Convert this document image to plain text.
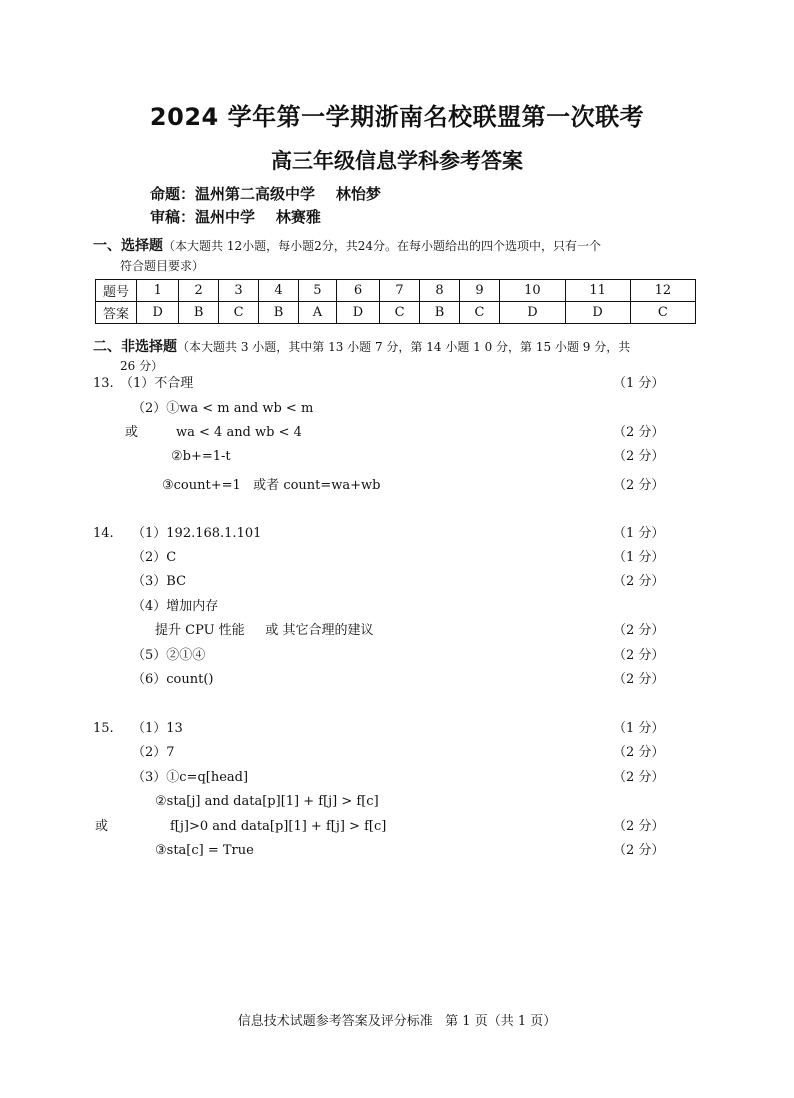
2024 学年第一学期浙南名校联盟第一次联考
高三年级信息学科参考答案
命题：温州第二高级中学    林怡梦
审稿：温州中学    林赛雅
一、选择题（本大题共 12小题，每小题2分，共24分。在每小题给出的四个选项中，只有一个
符合题目要求）
题号	1	2	3	4	5	6	7	8	9	10	11	12
答案	D	B	C	B	A	D	C	B	C	D	D	C
二、非选择题（本大题共 3 小题，其中第 13 小题 7 分，第 14 小题 1 0 分，第 15 小题 9 分，共
26 分）
13. （1）不合理	（1 分）
（2）①wa < m and wb < m
或	wa < 4 and wb < 4	（2 分）
②b+=1-t	（2 分）
③count+=1   或者 count=wa+wb	（2 分）
14. （1）192.168.1.101	（1 分）
（2）C	（1 分）
（3）BC	（2 分）
（4）增加内存
提升 CPU 性能     或 其它合理的建议	（2 分）
（5）②①④	（2 分）
（6）count()	（2 分）
15. （1）13	（1 分）
（2）7	（2 分）
（3）①c=q[head]	（2 分）
②sta[j] and data[p][1] + f[j] > f[c]
或	f[j]>0 and data[p][1] + f[j] > f[c]	（2 分）
③sta[c] = True	（2 分）
信息技术试题参考答案及评分标准   第 1 页（共 1 页）
